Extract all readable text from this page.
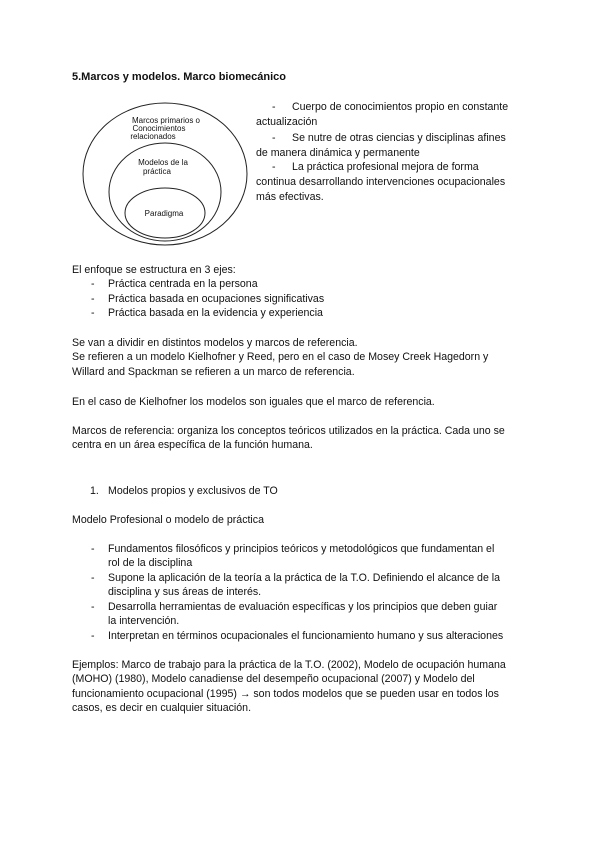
5.Marcos y modelos. Marco biomecánico
Marcos primarios o
Conocimientos
relacionados
Modelos de la
práctica
Paradigma
- Cuerpo de conocimientos propio en constante
actualización
- Se nutre de otras ciencias y disciplinas afines
de manera dinámica y permanente
- La práctica profesional mejora de forma
continua desarrollando intervenciones ocupacionales
más efectivas.
El enfoque se estructura en 3 ejes:
- Práctica centrada en la persona
- Práctica basada en ocupaciones significativas
- Práctica basada en la evidencia y experiencia
Se van a dividir en distintos modelos y marcos de referencia.
Se refieren a un modelo Kielhofner y Reed, pero en el caso de Mosey Creek Hagedorn y
Willard and Spackman se refieren a un marco de referencia.
En el caso de Kielhofner los modelos son iguales que el marco de referencia.
Marcos de referencia: organiza los conceptos teóricos utilizados en la práctica. Cada uno se
centra en un área específica de la función humana.
1. Modelos propios y exclusivos de TO
Modelo Profesional o modelo de práctica
- Fundamentos filosóficos y principios teóricos y metodológicos que fundamentan el
rol de la disciplina
- Supone la aplicación de la teoría a la práctica de la T.O. Definiendo el alcance de la
disciplina y sus áreas de interés.
- Desarrolla herramientas de evaluación específicas y los principios que deben guiar
la intervención.
- Interpretan en términos ocupacionales el funcionamiento humano y sus alteraciones
Ejemplos: Marco de trabajo para la práctica de la T.O. (2002), Modelo de ocupación humana
(MOHO) (1980), Modelo canadiense del desempeño ocupacional (2007) y Modelo del
funcionamiento ocupacional (1995) → son todos modelos que se pueden usar en todos los
casos, es decir en cualquier situación.
